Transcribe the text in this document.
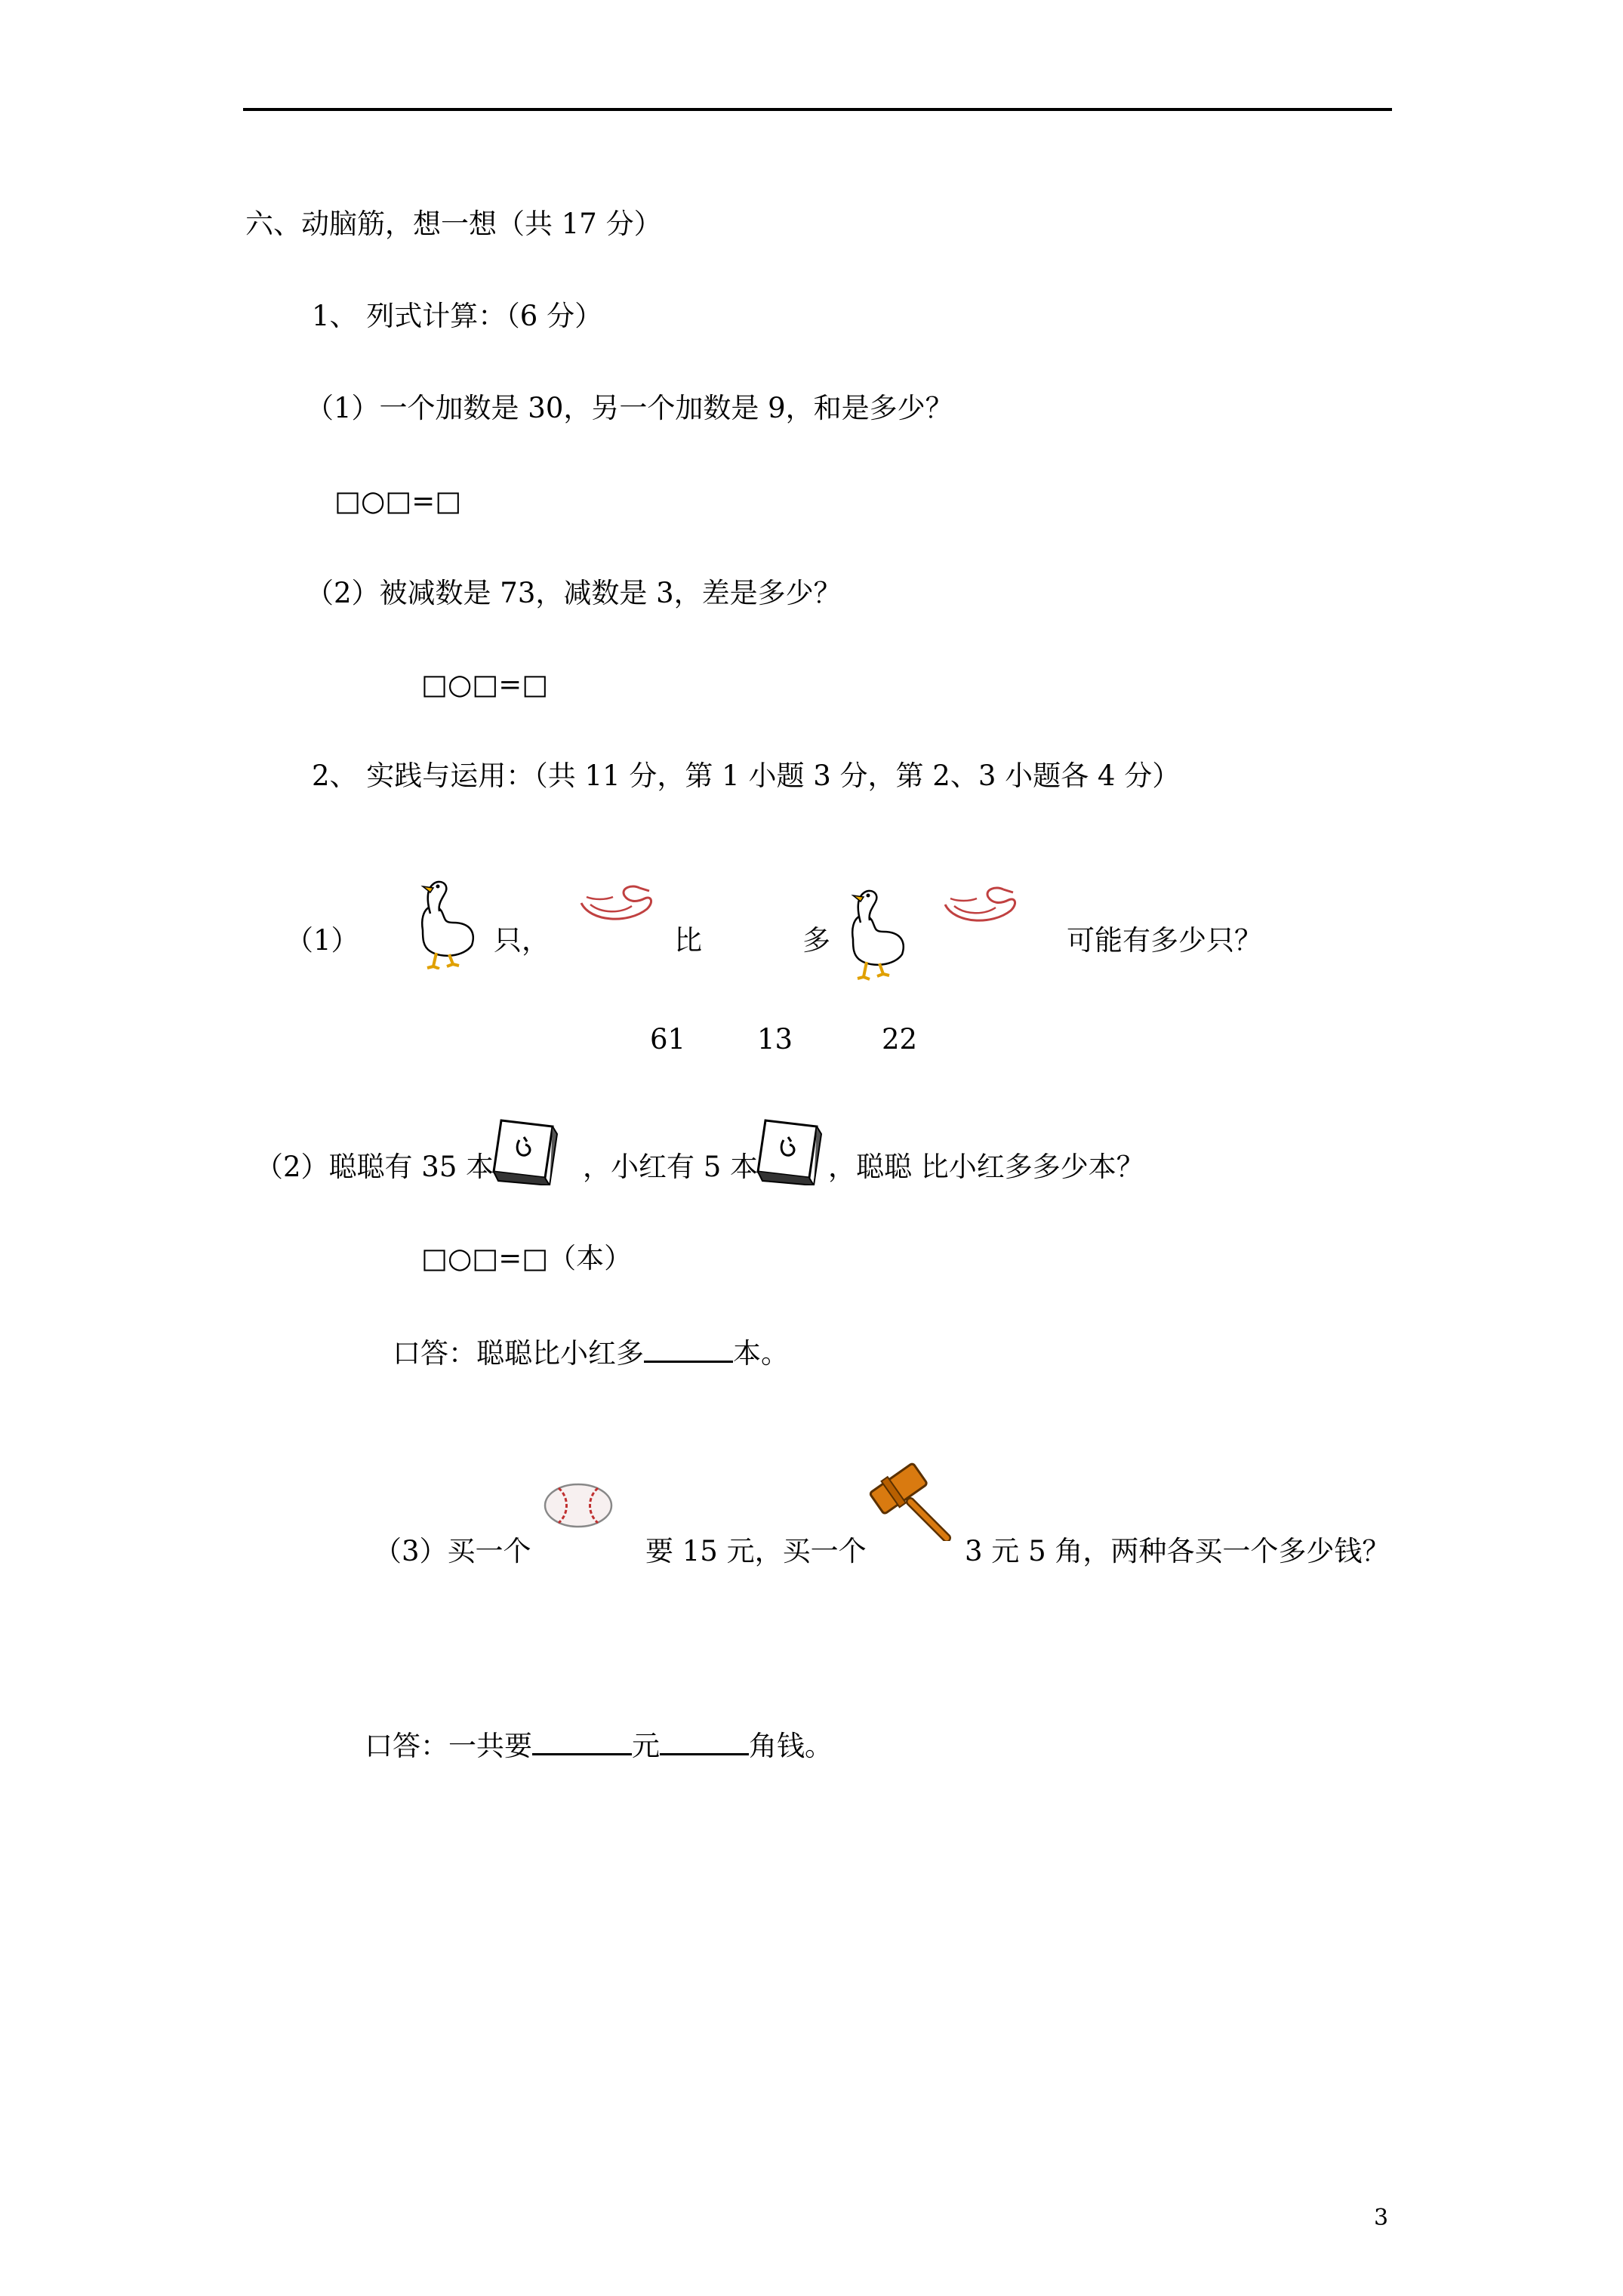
六、动脑筋，想一想（共 17 分）
1、 列式计算：（6 分）
（1）一个加数是 30，另一个加数是 9，和是多少？
□○□=□
（2）被减数是 73，减数是 3，差是多少？
□○□=□
2、 实践与运用：（共 11 分，第 1 小题 3 分，第 2、3 小题各 4 分）
（1）	只，	比	多	可能有多少只？
61	13	22
（2）聪聪有 35 本	，小红有 5 本	，聪聪 比小红多多少本？
□○□=□（本）
口答：聪聪比小红多	本。
（3）买一个	要 15 元，买一个	3 元 5 角，两种各买一个多少钱？
口答：一共要	元	角钱。
3
